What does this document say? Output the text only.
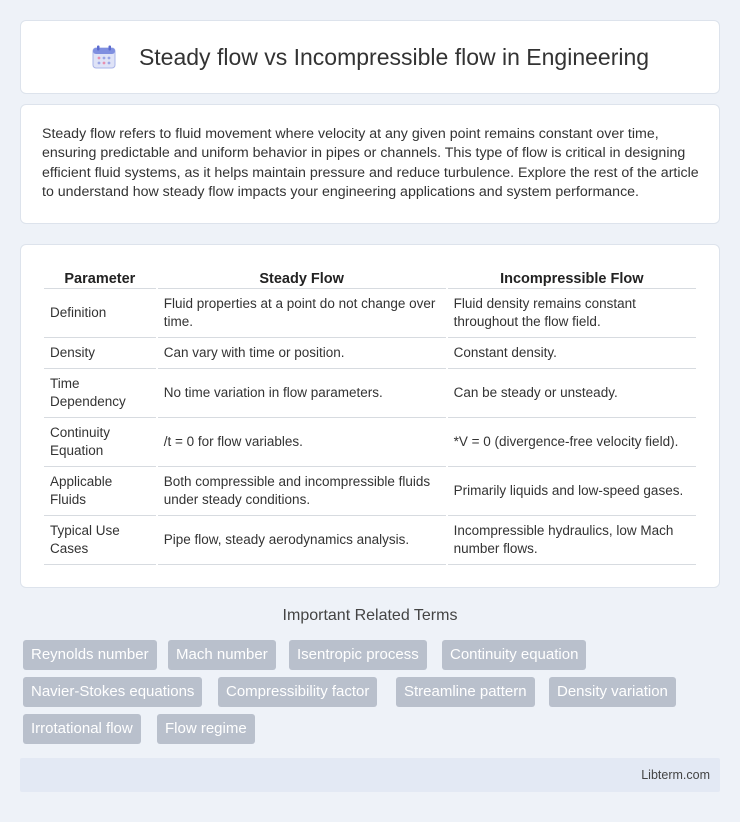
Steady flow vs Incompressible flow in Engineering

Steady flow refers to fluid movement where velocity at any given point remains constant over time, ensuring predictable and uniform behavior in pipes or channels. This type of flow is critical in designing efficient fluid systems, as it helps maintain pressure and reduce turbulence. Explore the rest of the article to understand how steady flow impacts your engineering applications and system performance.

Parameter	Steady Flow	Incompressible Flow
Definition	Fluid properties at a point do not change over time.	Fluid density remains constant throughout the flow field.
Density	Can vary with time or position.	Constant density.
Time Dependency	No time variation in flow parameters.	Can be steady or unsteady.
Continuity Equation	/t = 0 for flow variables.	*V = 0 (divergence-free velocity field).
Applicable Fluids	Both compressible and incompressible fluids under steady conditions.	Primarily liquids and low-speed gases.
Typical Use Cases	Pipe flow, steady aerodynamics analysis.	Incompressible hydraulics, low Mach number flows.
Important Related Terms
Reynolds number	Mach number	Isentropic process	Continuity equation
Navier-Stokes equations	Compressibility factor	Streamline pattern	Density variation
Irrotational flow	Flow regime
Libterm.com
